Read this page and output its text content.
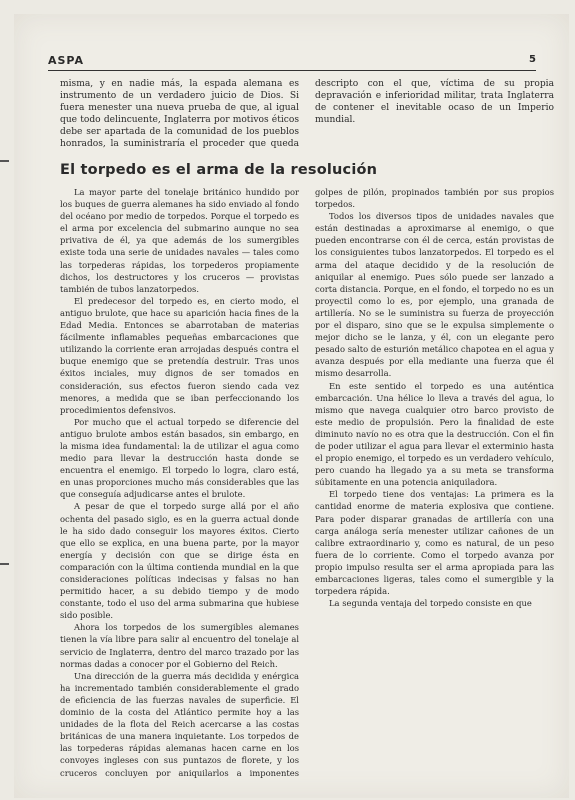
ASPA	5

misma, y en nadie más, la espada alemana es instrumento de un verdadero juicio de Dios. Si fuera menester una nueva prueba de que, al igual que todo delincuente, Inglaterra por motivos éticos debe ser apartada de la comunidad de los pueblos honrados, la suministraría el proceder que queda descripto con el que, víctima de su propia depravación e inferioridad militar, trata Inglaterra de contener el inevitable ocaso de un Imperio mundial.

El torpedo es el arma de la resolución

La mayor parte del tonelaje británico hundido por los buques de guerra alemanes ha sido enviado al fondo del océano por medio de torpedos. Porque el torpedo es el arma por excelencia del submarino aunque no sea privativa de él, ya que además de los sumergibles existe toda una serie de unidades navales — tales como las torpederas rápidas, los torpederos propiamente dichos, los destructores y los cruceros — provistas también de tubos lanzatorpedos.

El predecesor del torpedo es, en cierto modo, el antiguo brulote, que hace su aparición hacia fines de la Edad Media. Entonces se abarrotaban de materias fácilmente inflamables pequeñas embarcaciones que utilizando la corriente eran arrojadas después contra el buque enemigo que se pretendía destruir. Tras unos éxitos inciales, muy dignos de ser tomados en consideración, sus efectos fueron siendo cada vez menores, a medida que se iban perfeccionando los procedimientos defensivos.

Por mucho que el actual torpedo se diferencie del antiguo brulote ambos están basados, sin embargo, en la misma idea fundamental: la de utilizar el agua como medio para llevar la destrucción hasta donde se encuentra el enemigo. El torpedo lo logra, claro está, en unas proporciones mucho más considerables que las que conseguía adjudicarse antes el brulote.

A pesar de que el torpedo surge allá por el año ochenta del pasado siglo, es en la guerra actual donde le ha sido dado conseguir los mayores éxitos. Cierto que ello se explica, en una buena parte, por la mayor energía y decisión con que se dirige ésta en comparación con la última contienda mundial en la que consideraciones políticas indecisas y falsas no han permitido hacer, a su debido tiempo y de modo constante, todo el uso del arma submarina que hubiese sido posible.

Ahora los torpedos de los sumergibles alemanes tienen la vía libre para salir al encuentro del tonelaje al servicio de Inglaterra, dentro del marco trazado por las normas dadas a conocer por el Gobierno del Reich.

Una dirección de la guerra más decidida y enérgica ha incrementado también considerablemente el grado de eficiencia de las fuerzas navales de superficie. El dominio de la costa del Atlántico permite hoy a las unidades de la flota del Reich acercarse a las costas británicas de una manera inquietante. Los torpedos de las torpederas rápidas alemanas hacen carne en los convoyes ingleses con sus puntazos de florete, y los cruceros concluyen por aniquilarlos a imponentes golpes de pilón, propinados también por sus propios torpedos.

Todos los diversos tipos de unidades navales que están destinadas a aproximarse al enemigo, o que pueden encontrarse con él de cerca, están provistas de los consiguientes tubos lanzatorpedos. El torpedo es el arma del ataque decidido y de la resolución de aniquilar al enemigo. Pues sólo puede ser lanzado a corta distancia. Porque, en el fondo, el torpedo no es un proyectil como lo es, por ejemplo, una granada de artillería. No se le suministra su fuerza de proyección por el disparo, sino que se le expulsa simplemente o mejor dicho se le lanza, y él, con un elegante pero pesado salto de esturión metálico chapotea en el agua y avanza después por ella mediante una fuerza que él mismo desarrolla.

En este sentido el torpedo es una auténtica embarcación. Una hélice lo lleva a través del agua, lo mismo que navega cualquier otro barco provisto de este medio de propulsión. Pero la finalidad de este diminuto navío no es otra que la destrucción. Con el fin de poder utilizar el agua para llevar el exterminio hasta el propio enemigo, el torpedo es un verdadero vehículo, pero cuando ha llegado ya a su meta se transforma súbitamente en una potencia aniquiladora.

El torpedo tiene dos ventajas: La primera es la cantidad enorme de materia explosiva que contiene. Para poder disparar granadas de artillería con una carga análoga sería menester utilizar cañones de un calibre extraordinario y, como es natural, de un peso fuera de lo corriente. Como el torpedo avanza por propio impulso resulta ser el arma apropiada para las embarcaciones ligeras, tales como el sumergible y la torpedera rápida.

La segunda ventaja del torpedo consiste en que
